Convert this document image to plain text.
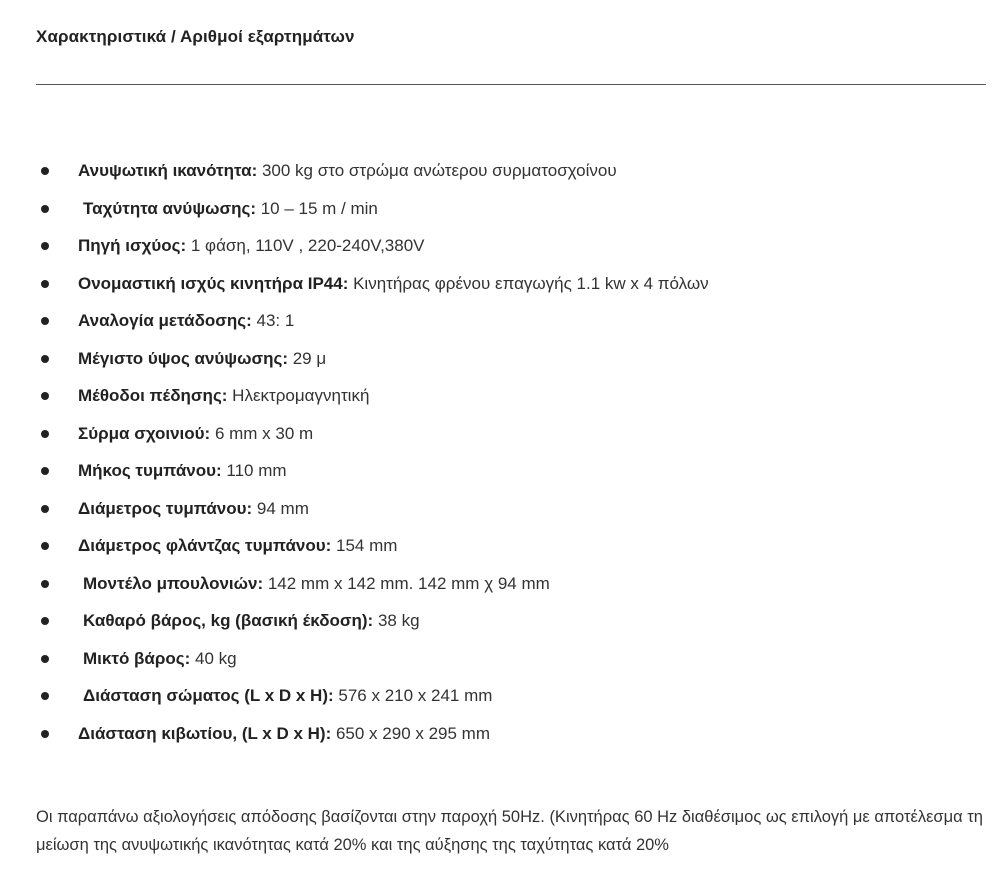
Χαρακτηριστικά / Αριθμοί εξαρτημάτων
Ανυψωτική ικανότητα: 300 kg στο στρώμα ανώτερου συρματοσχοίνου
Ταχύτητα ανύψωσης: 10 – 15 m / min
Πηγή ισχύος: 1 φάση, 110V , 220-240V,380V
Ονομαστική ισχύς κινητήρα IP44: Κινητήρας φρένου επαγωγής 1.1 kw x 4 πόλων
Αναλογία μετάδοσης: 43: 1
Μέγιστο ύψος ανύψωσης: 29 μ
Μέθοδοι πέδησης: Ηλεκτρομαγνητική
Σύρμα σχοινιού: 6 mm x 30 m
Μήκος τυμπάνου: 110 mm
Διάμετρος τυμπάνου: 94 mm
Διάμετρος φλάντζας τυμπάνου: 154 mm
Μοντέλο μπουλονιών: 142 mm x 142 mm. 142 mm χ 94 mm
Καθαρό βάρος, kg (βασική έκδοση): 38 kg
Μικτό βάρος: 40 kg
Διάσταση σώματος (L x D x H): 576 x 210 x 241 mm
Διάσταση κιβωτίου, (L x D x H): 650 x 290 x 295 mm

Οι παραπάνω αξιολογήσεις απόδοσης βασίζονται στην παροχή 50Hz. (Κινητήρας 60 Hz διαθέσιμος ως επιλογή με αποτέλεσμα τη μείωση της ανυψωτικής ικανότητας κατά 20% και της αύξησης της ταχύτητας κατά 20%
